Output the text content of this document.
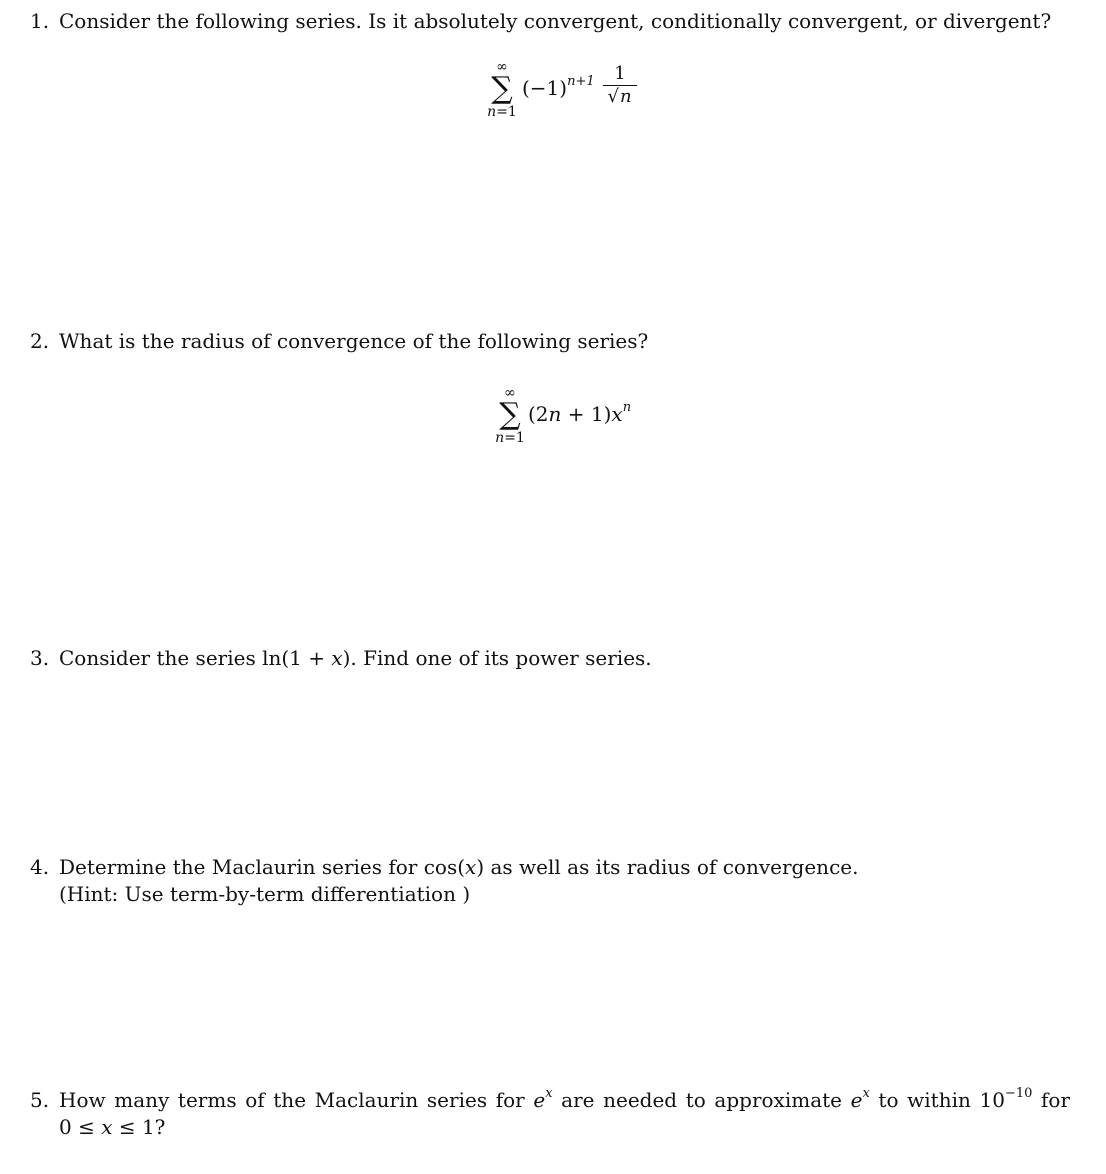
1. Consider the following series. Is it absolutely convergent, conditionally convergent, or divergent?
∞
∑
n=1
$(-1)^{n+1}$	1
√n
2. What is the radius of convergence of the following series?
∞
∑
n=1
$(2n + 1)x^n$
3. Consider the series ln(1 + x). Find one of its power series.
4. Determine the Maclaurin series for cos(x) as well as its radius of convergence.
(Hint: Use term-by-term differentiation )
5. How many terms of the Maclaurin series for $e^x$ are needed to approximate $e^x$ to within $10^{-10}$ for
0 ≤ x ≤ 1?
